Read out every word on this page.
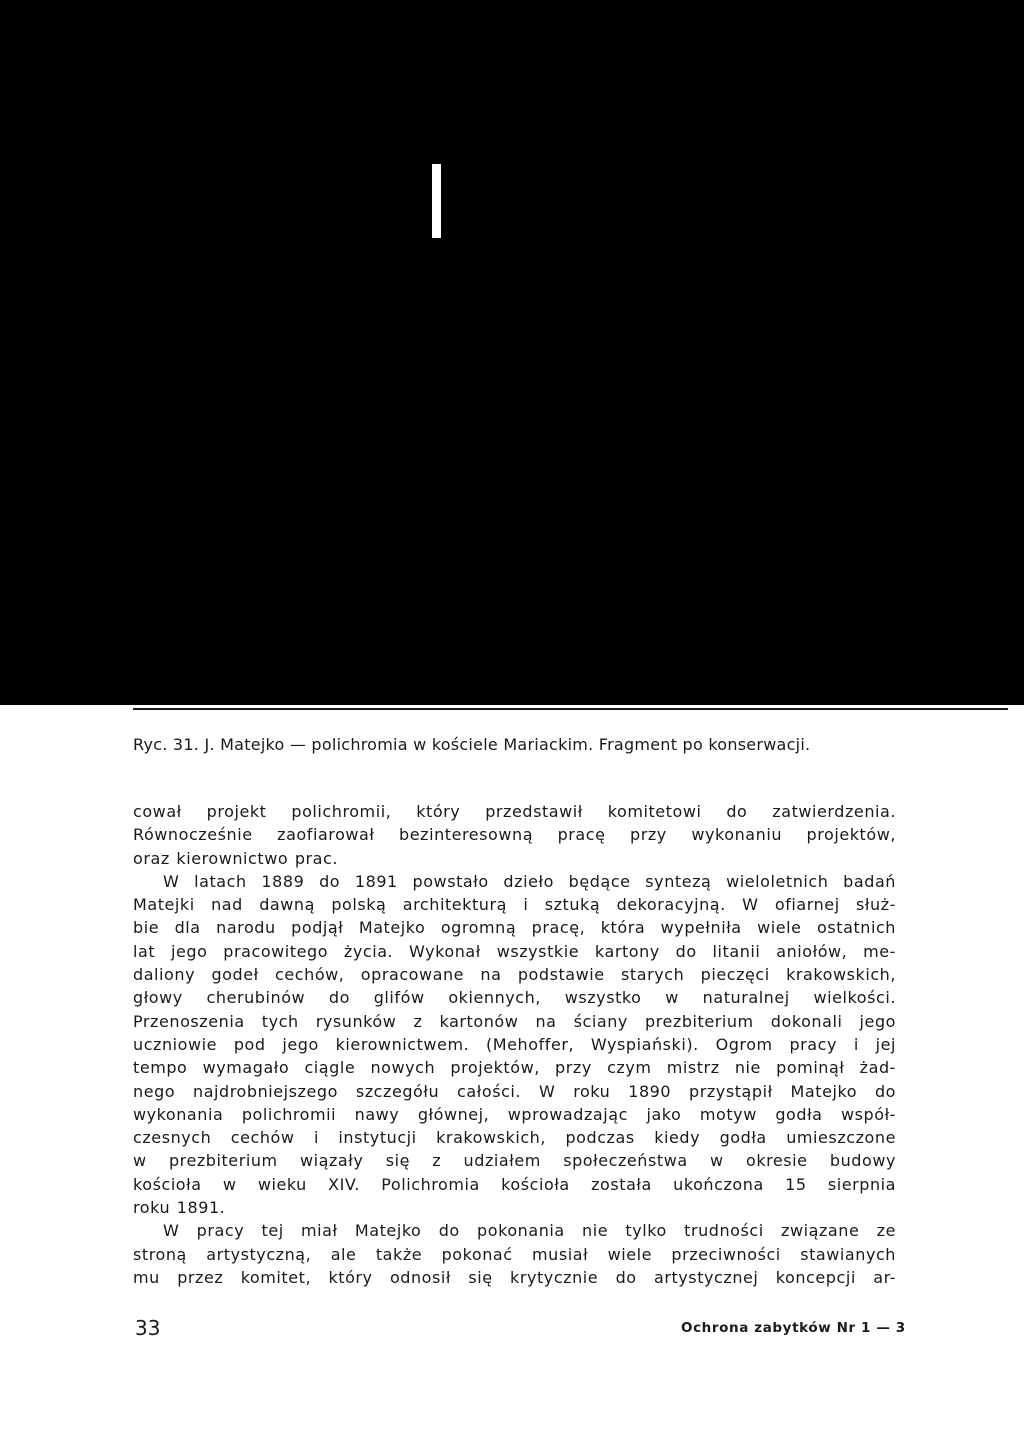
Ryc. 31. J. Matejko — polichromia w kościele Mariackim. Fragment po konserwacji.
cował projekt polichromii, który przedstawił komitetowi do zatwierdzenia.
Równocześnie zaofiarował bezinteresowną pracę przy wykonaniu projektów,
oraz kierownictwo prac.
W latach 1889 do 1891 powstało dzieło będące syntezą wieloletnich badań
Matejki nad dawną polską architekturą i sztuką dekoracyjną. W ofiarnej służ-
bie dla narodu podjął Matejko ogromną pracę, która wypełniła wiele ostatnich
lat jego pracowitego życia. Wykonał wszystkie kartony do litanii aniołów, me-
daliony godeł cechów, opracowane na podstawie starych pieczęci krakowskich,
głowy cherubinów do glifów okiennych, wszystko w naturalnej wielkości.
Przenoszenia tych rysunków z kartonów na ściany prezbiterium dokonali jego
uczniowie pod jego kierownictwem. (Mehoffer, Wyspiański). Ogrom pracy i jej
tempo wymagało ciągle nowych projektów, przy czym mistrz nie pominął żad-
nego najdrobniejszego szczegółu całości. W roku 1890 przystąpił Matejko do
wykonania polichromii nawy głównej, wprowadzając jako motyw godła współ-
czesnych cechów i instytucji krakowskich, podczas kiedy godła umieszczone
w prezbiterium wiązały się z udziałem społeczeństwa w okresie budowy
kościoła w wieku XIV. Polichromia kościoła została ukończona 15 sierpnia
roku 1891.
W pracy tej miał Matejko do pokonania nie tylko trudności związane ze
stroną artystyczną, ale także pokonać musiał wiele przeciwności stawianych
mu przez komitet, który odnosił się krytycznie do artystycznej koncepcji ar-
33	Ochrona zabytków Nr 1 — 3
